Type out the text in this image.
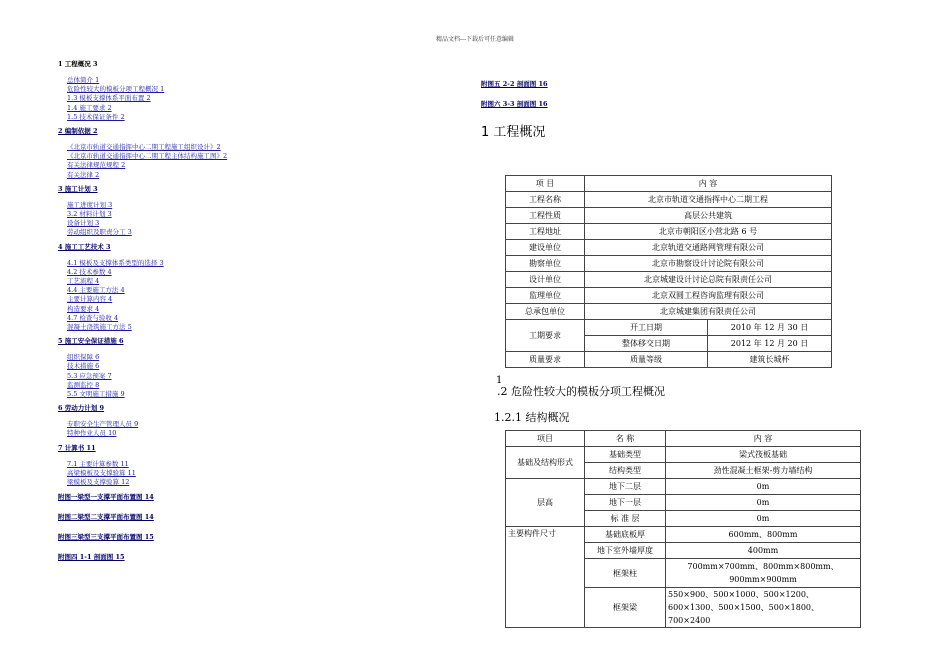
精品文档---下载后可任意编辑
1 工程概况 3
总体简介 1
危险性较大的模板分项工程概况 1
1.3 模板支撑体系平面布置 2
1.4 施工要求 2
1.5 技术保证条件 2
2 编制依据 2
《北京市轨道交通指挥中心二期工程施工组织设计》2
《北京市轨道交通指挥中心二期工程主体结构施工图》2
有关法律规范规程 2
有关法律 2
3 施工计划 3
施工进度计划 3
3.2 材料计划 3
设备计划 3
劳动组织及职责分工 3
4 施工工艺技术 3
4.1 模板及支撑体系类型的选择 3
4.2 技术参数 4
工艺流程 4
4.4 主要施工方法 4
主要计算内容 4
构造要求 4
4.7 检查与验收 4
混凝土浇筑施工方法 5
5 施工安全保证措施 6
组织保障 6
技术措施 6
5.3 应急预案 7
监测监控 8
5.5 文明施工措施 9
6 劳动力计划 9
专职安全生产管理人员 9
特种作业人员 10
7 计算书 11
7.1 主要计算参数 11
高梁模板及支撑验算 11
梁模板及支撑验算 12
附图一梁型一支撑平面布置图 14
附图二梁型二支撑平面布置图 14
附图三梁型三支撑平面布置图 15
附图四 1-1 剖面图 15
附图五 2-2 剖面图 16
附图六 3-3 剖面图 16
1 工程概况
项 目	内 容	
工程名称	北京市轨道交通指挥中心二期工程	
工程性质	高层公共建筑	
工程地址	北京市朝阳区小营北路 6 号	
建设单位	北京轨道交通路网管理有限公司	
勘察单位	北京市勘察设计讨论院有限公司	
设计单位	北京城建设计讨论总院有限责任公司	
监理单位	北京双圆工程咨询监理有限公司	
总承包单位	北京城建集团有限责任公司	
工期要求	开工日期	2010 年 12 月 30 日
	整体移交日期	2012 年 12 月 20 日
质量要求	质量等级	建筑长城杯
1
.2 危险性较大的模板分项工程概况
1.2.1 结构概况
项目	名 称	内 容
基础及结构形式	基础类型	梁式筏板基础
	结构类型	劲性混凝土框架-剪力墙结构
层高	地下二层	0m
	地下一层	0m
	标 准 层	0m
主要构件尺寸	基础底板厚	600mm、800mm
	地下室外墙厚度	400mm
	框架柱	700mm×700mm、800mm×800mm、900mm×900mm
	框架梁	550×900、500×1000、500×1200、600×1300、500×1500、500×1800、700×2400
